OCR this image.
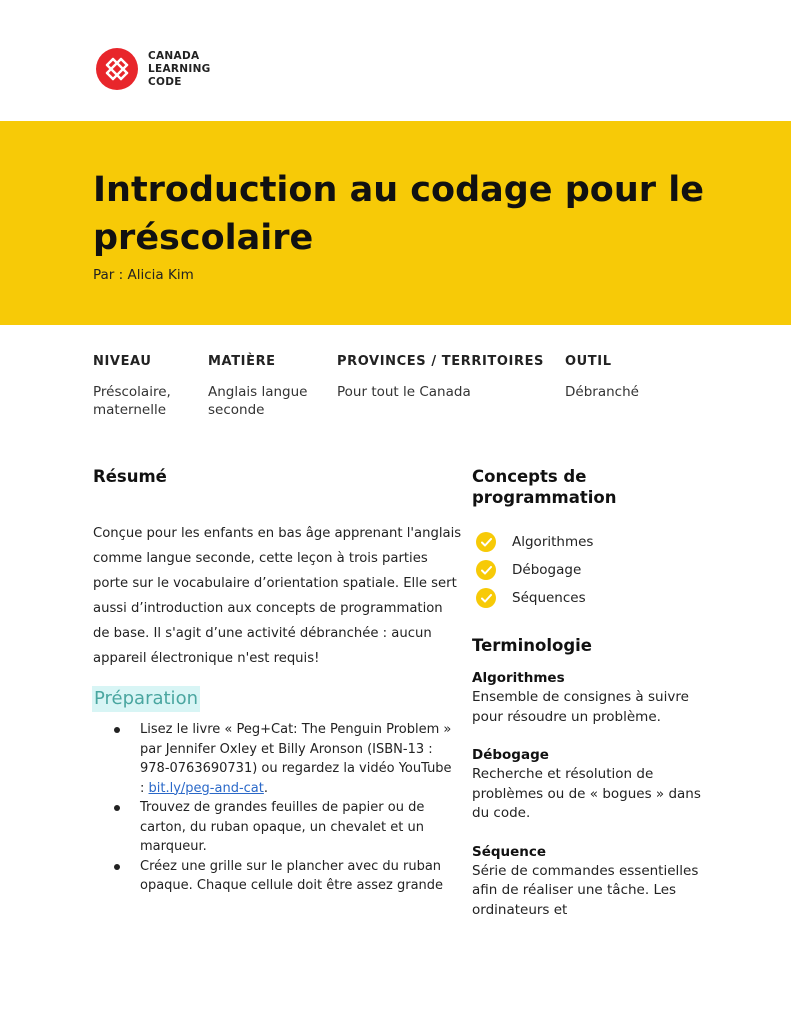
CANADA
LEARNING
CODE
Introduction au codage pour le préscolaire
Par : Alicia Kim
NIVEAU
Préscolaire, maternelle
MATIÈRE
Anglais langue seconde
PROVINCES / TERRITOIRES
Pour tout le Canada
OUTIL
Débranché
Résumé

Conçue pour les enfants en bas âge apprenant l'anglais comme langue seconde, cette leçon à trois parties porte sur le vocabulaire d’orientation spatiale. Elle sert aussi d’introduction aux concepts de programmation de base. Il s'agit d’une activité débranchée : aucun appareil électronique n'est requis!

Préparation
Lisez le livre « Peg+Cat: The Penguin Problem » par Jennifer Oxley et Billy Aronson (ISBN-13 : 978-0763690731) ou regardez la vidéo YouTube : bit.ly/peg-and-cat.
Trouvez de grandes feuilles de papier ou de carton, du ruban opaque, un chevalet et un marqueur.
Créez une grille sur le plancher avec du ruban opaque. Chaque cellule doit être assez grande
Concepts de programmation
Algorithmes
Débogage
Séquences
Terminologie
Algorithmes
Ensemble de consignes à suivre pour résoudre un problème.
Débogage
Recherche et résolution de problèmes ou de « bogues » dans du code.
Séquence
Série de commandes essentielles afin de réaliser une tâche. Les ordinateurs et
